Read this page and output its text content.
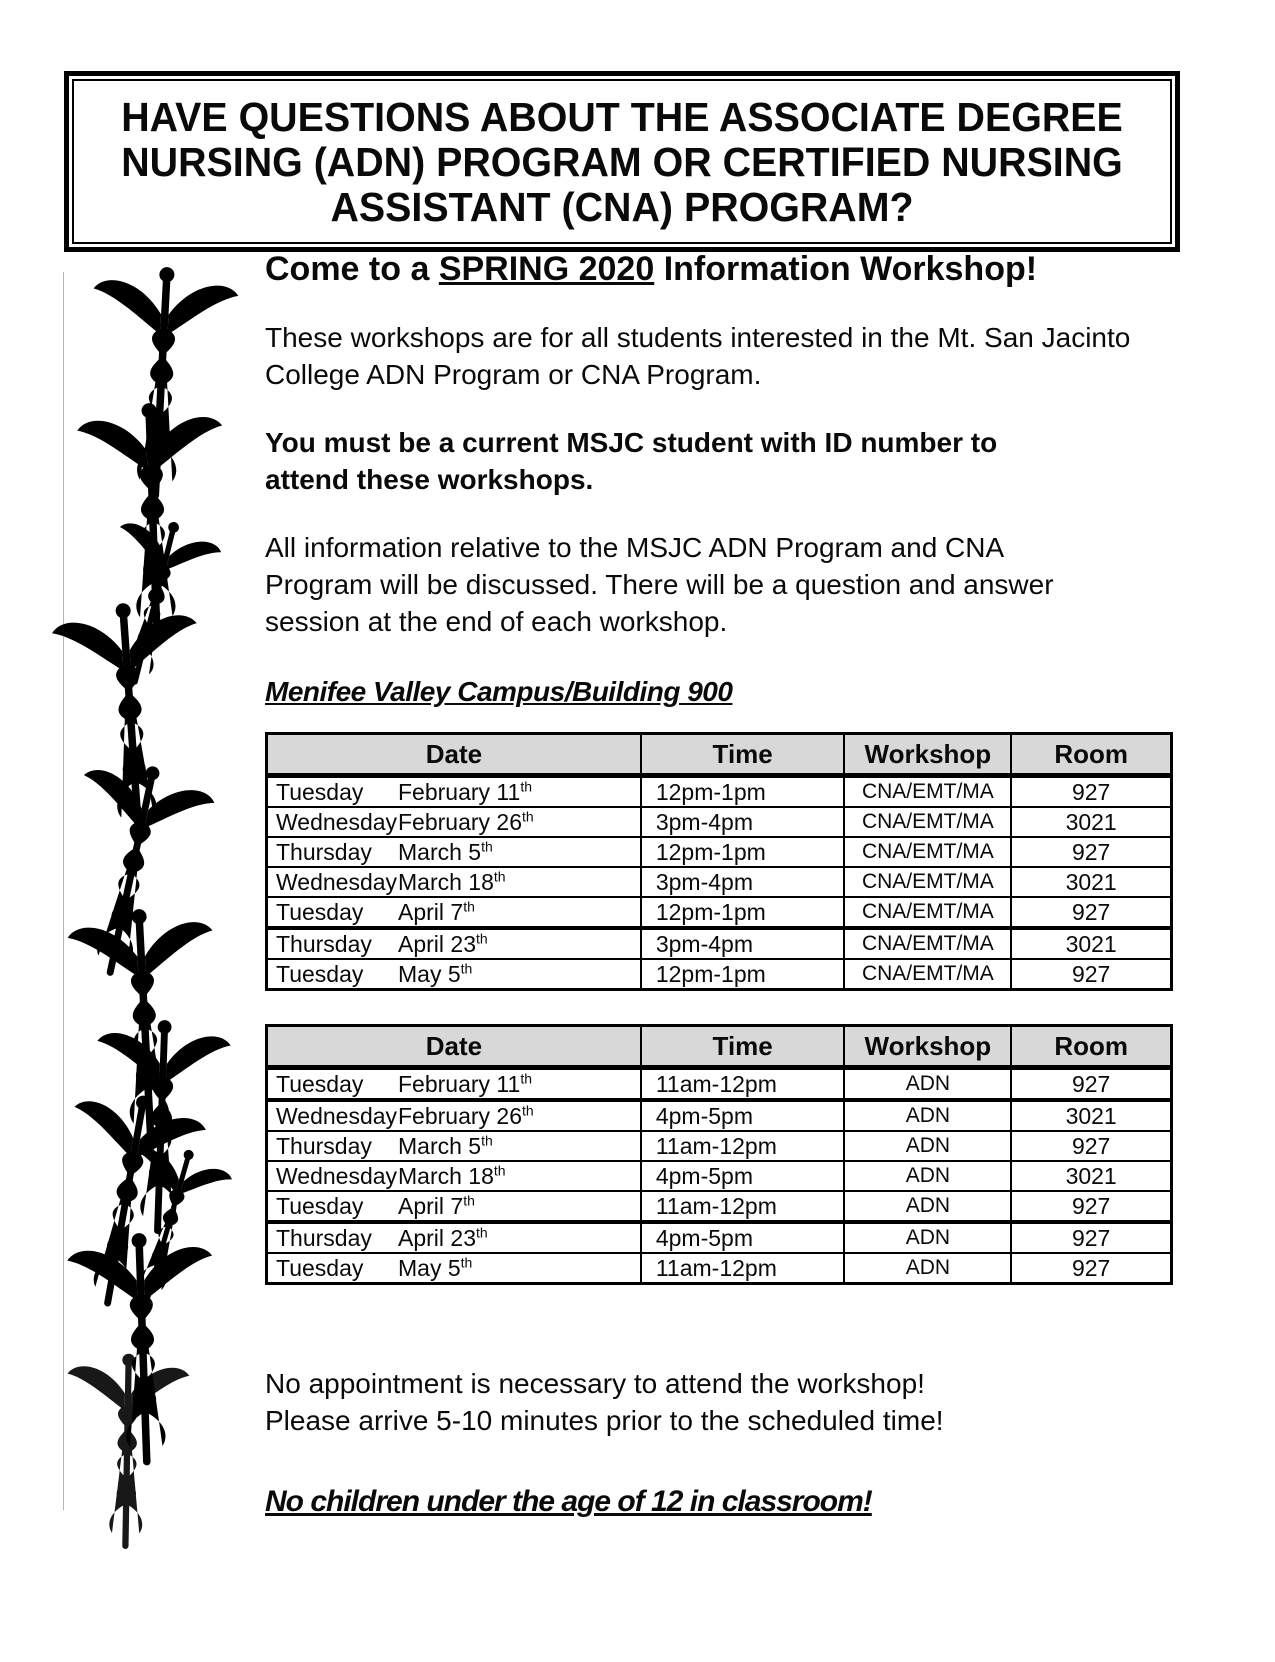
HAVE QUESTIONS ABOUT THE ASSOCIATE DEGREE
NURSING (ADN) PROGRAM OR CERTIFIED NURSING
ASSISTANT (CNA) PROGRAM?
Come to a SPRING 2020 Information Workshop!

These workshops are for all students interested in the Mt. San Jacinto College ADN Program or CNA Program.

You must be a current MSJC student with ID number to attend these workshops.

All information relative to the MSJC ADN Program and CNA Program will be discussed. There will be a question and answer session at the end of each workshop.

Menifee Valley Campus/Building 900
Date	Time	Workshop	Room
Tuesday February 11th	12pm-1pm	CNA/EMT/MA	927
WednesdayFebruary 26th	3pm-4pm	CNA/EMT/MA	3021
Thursday March 5th	12pm-1pm	CNA/EMT/MA	927
WednesdayMarch 18th	3pm-4pm	CNA/EMT/MA	3021
Tuesday April 7th	12pm-1pm	CNA/EMT/MA	927
Thursday April 23th	3pm-4pm	CNA/EMT/MA	3021
Tuesday May 5th	12pm-1pm	CNA/EMT/MA	927
Date	Time	Workshop	Room
Tuesday February 11th	11am-12pm	ADN	927
WednesdayFebruary 26th	4pm-5pm	ADN	3021
Thursday March 5th	11am-12pm	ADN	927
WednesdayMarch 18th	4pm-5pm	ADN	3021
Tuesday April 7th	11am-12pm	ADN	927
Thursday April 23th	4pm-5pm	ADN	927
Tuesday May 5th	11am-12pm	ADN	927

No appointment is necessary to attend the workshop!
Please arrive 5-10 minutes prior to the scheduled time!

No children under the age of 12 in classroom!
